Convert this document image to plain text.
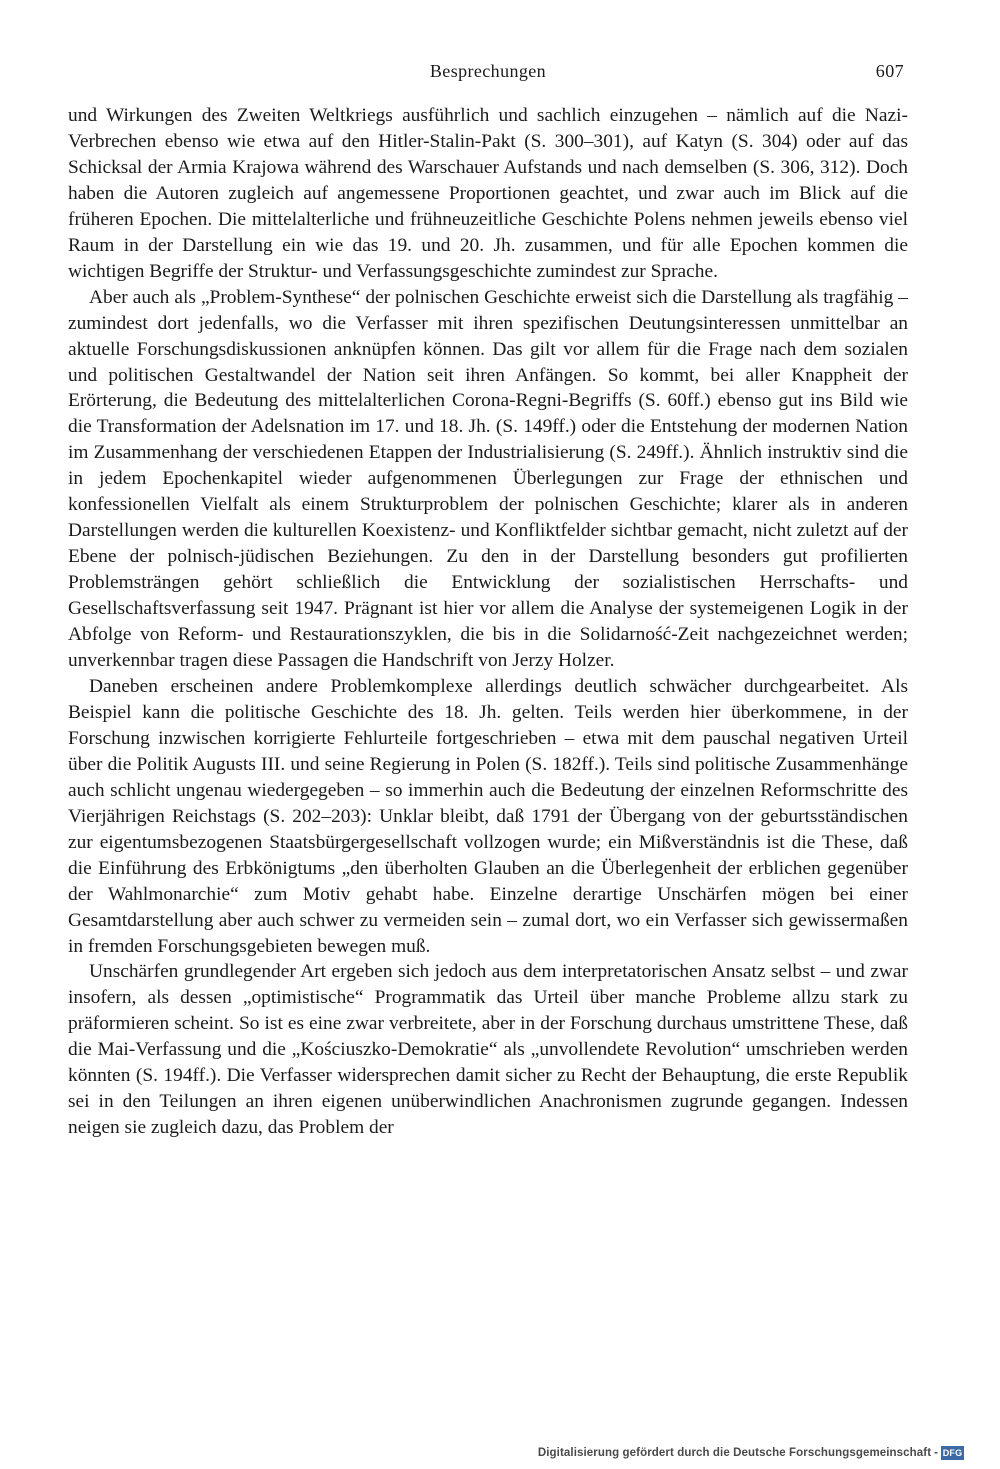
Besprechungen	607

und Wirkungen des Zweiten Weltkriegs ausführlich und sachlich einzugehen – nämlich auf die Nazi-Verbrechen ebenso wie etwa auf den Hitler-Stalin-Pakt (S. 300–301), auf Katyn (S. 304) oder auf das Schicksal der Armia Krajowa während des Warschauer Aufstands und nach demselben (S. 306, 312). Doch haben die Autoren zugleich auf angemessene Proportionen geachtet, und zwar auch im Blick auf die früheren Epochen. Die mittelalterliche und frühneuzeitliche Geschichte Polens nehmen jeweils ebenso viel Raum in der Darstellung ein wie das 19. und 20. Jh. zusammen, und für alle Epochen kommen die wichtigen Begriffe der Struktur- und Verfassungsgeschichte zumindest zur Sprache.

Aber auch als „Problem-Synthese“ der polnischen Geschichte erweist sich die Darstellung als tragfähig – zumindest dort jedenfalls, wo die Verfasser mit ihren spezifischen Deutungsinteressen unmittelbar an aktuelle Forschungsdiskussionen anknüpfen können. Das gilt vor allem für die Frage nach dem sozialen und politischen Gestaltwandel der Nation seit ihren Anfängen. So kommt, bei aller Knappheit der Erörterung, die Bedeutung des mittelalterlichen Corona-Regni-Begriffs (S. 60ff.) ebenso gut ins Bild wie die Transformation der Adelsnation im 17. und 18. Jh. (S. 149ff.) oder die Entstehung der modernen Nation im Zusammenhang der verschiedenen Etappen der Industrialisierung (S. 249ff.). Ähnlich instruktiv sind die in jedem Epochenkapitel wieder aufgenommenen Überlegungen zur Frage der ethnischen und konfessionellen Vielfalt als einem Strukturproblem der polnischen Geschichte; klarer als in anderen Darstellungen werden die kulturellen Koexistenz- und Konfliktfelder sichtbar gemacht, nicht zuletzt auf der Ebene der polnisch-jüdischen Beziehungen. Zu den in der Darstellung besonders gut profilierten Problemsträngen gehört schließlich die Entwicklung der sozialistischen Herrschafts- und Gesellschaftsverfassung seit 1947. Prägnant ist hier vor allem die Analyse der systemeigenen Logik in der Abfolge von Reform- und Restaurationszyklen, die bis in die Solidarność-Zeit nachgezeichnet werden; unverkennbar tragen diese Passagen die Handschrift von Jerzy Holzer.

Daneben erscheinen andere Problemkomplexe allerdings deutlich schwächer durchgearbeitet. Als Beispiel kann die politische Geschichte des 18. Jh. gelten. Teils werden hier überkommene, in der Forschung inzwischen korrigierte Fehlurteile fortgeschrieben – etwa mit dem pauschal negativen Urteil über die Politik Augusts III. und seine Regierung in Polen (S. 182ff.). Teils sind politische Zusammenhänge auch schlicht ungenau wiedergegeben – so immerhin auch die Bedeutung der einzelnen Reformschritte des Vierjährigen Reichstags (S. 202–203): Unklar bleibt, daß 1791 der Übergang von der geburtsständischen zur eigentumsbezogenen Staatsbürgergesellschaft vollzogen wurde; ein Mißverständnis ist die These, daß die Einführung des Erbkönigtums „den überholten Glauben an die Überlegenheit der erblichen gegenüber der Wahlmonarchie“ zum Motiv gehabt habe. Einzelne derartige Unschärfen mögen bei einer Gesamtdarstellung aber auch schwer zu vermeiden sein – zumal dort, wo ein Verfasser sich gewissermaßen in fremden Forschungsgebieten bewegen muß.

Unschärfen grundlegender Art ergeben sich jedoch aus dem interpretatorischen Ansatz selbst – und zwar insofern, als dessen „optimistische“ Programmatik das Urteil über manche Probleme allzu stark zu präformieren scheint. So ist es eine zwar verbreitete, aber in der Forschung durchaus umstrittene These, daß die Mai-Verfassung und die „Kościuszko-Demokratie“ als „unvollendete Revolution“ umschrieben werden könnten (S. 194ff.). Die Verfasser widersprechen damit sicher zu Recht der Behauptung, die erste Republik sei in den Teilungen an ihren eigenen unüberwindlichen Anachronismen zugrunde gegangen. Indessen neigen sie zugleich dazu, das Problem der

Digitalisierung gefördert durch die Deutsche Forschungsgemeinschaft - DFG
